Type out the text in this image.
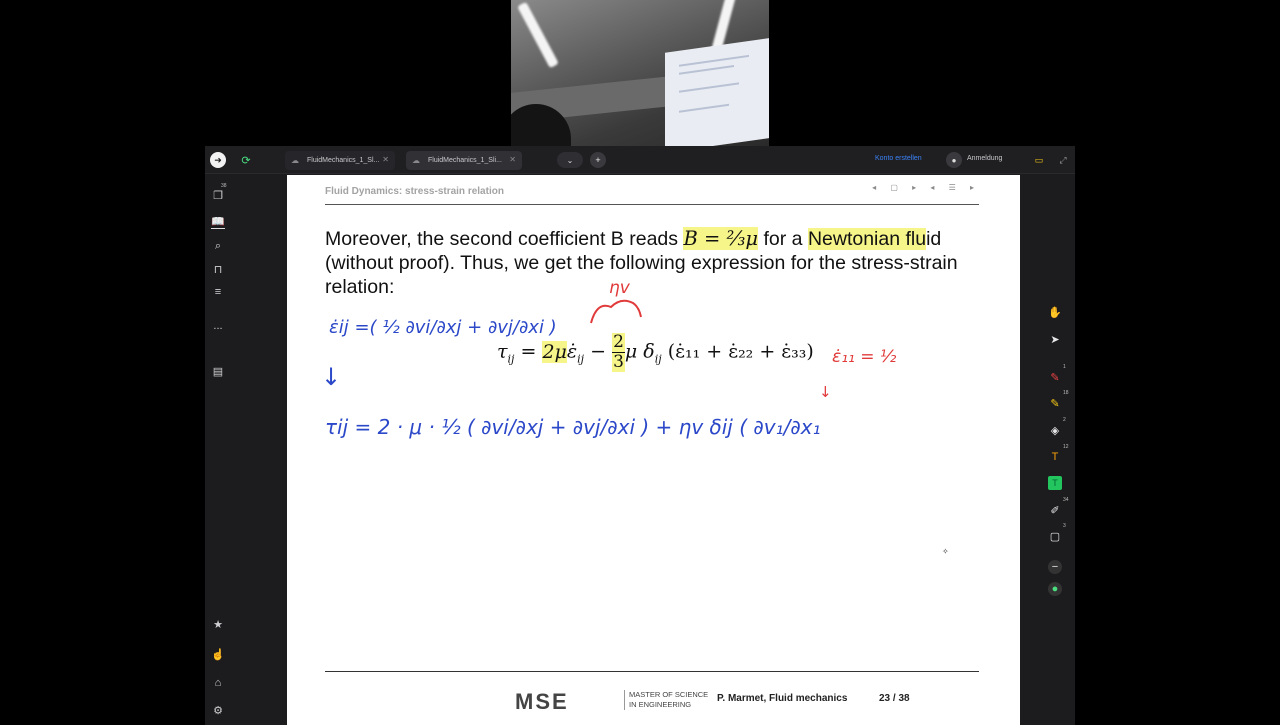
➜	⟳	☁ FluidMechanics_1_Sl... ✕	☁ FluidMechanics_1_Sli... ✕	⌄	+	Konto erstellen	●	Anmeldung	▭	⤢
❐
38
📖
⌕
⊓
≡
...
▤
★
☝
⌂
⚙
✋
➤
✎
1
✎
18
◈
2
T
12
T
✐
34
▢
3
−
●
Fluid Dynamics: stress-strain relation	◂ ▢ ▸ ◂ ☰ ▸
Moreover, the second coefficient B reads B = ⅔μ for a Newtonian fluid (without proof). Thus, we get the following expression for the stress-strain relation:
ε̇ij =( ½ ∂vi/∂xj + ∂vj/∂xi )
$\tau_{ij}$ = $2\mu\varepsiloṅ_{ij} - \frac{2}{3}$ μ $\delta_{ij}$ (ε̇₁₁ + ε̇₂₂ + ε̇₃₃)
ηv
ε̇₁₁ = ½
↓
↓
τij = 2 · μ · ½ ( ∂vi/∂xj + ∂vj/∂xi ) + ηv δij ( ∂v₁/∂x₁
✧
MSE	MASTER OF SCIENCE
IN ENGINEERING
P. Marmet, Fluid mechanics	23 / 38
